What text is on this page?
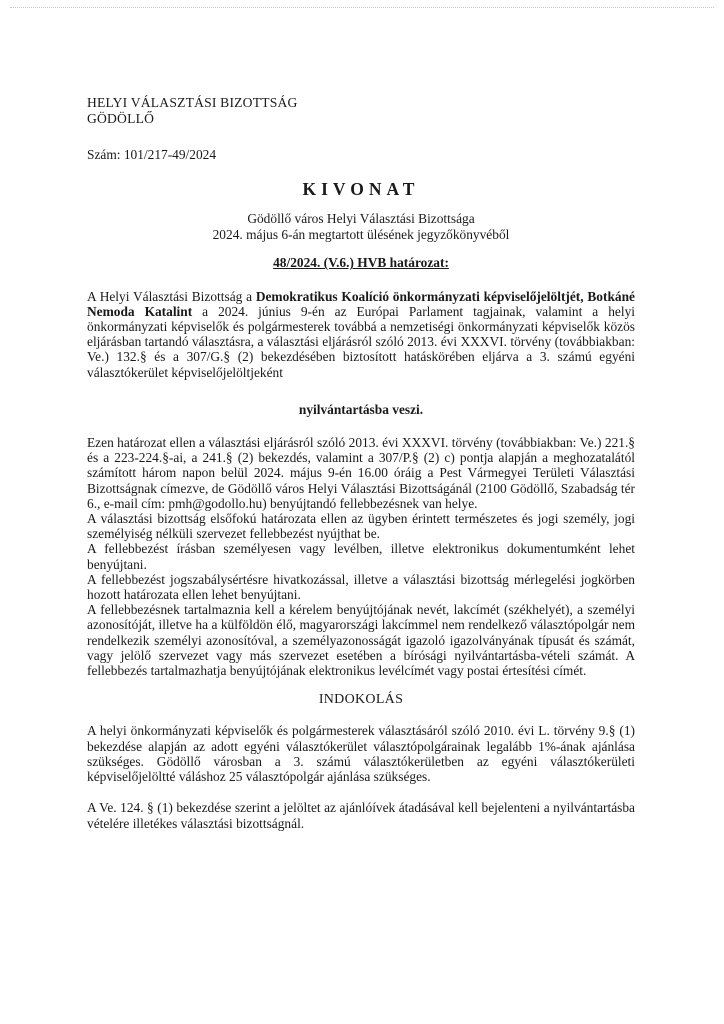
HELYI VÁLASZTÁSI BIZOTTSÁG
GÖDÖLLŐ
Szám: 101/217-49/2024
KIVONAT
Gödöllő város Helyi Választási Bizottsága
2024. május 6-án megtartott ülésének jegyzőkönyvéből
48/2024. (V.6.) HVB határozat:

A Helyi Választási Bizottság a Demokratikus Koalíció önkormányzati képviselőjelöltjét, Botkáné Nemoda Katalint a 2024. június 9-én az Európai Parlament tagjainak, valamint a helyi önkormányzati képviselők és polgármesterek továbbá a nemzetiségi önkormányzati képviselők közös eljárásban tartandó választásra, a választási eljárásról szóló 2013. évi XXXVI. törvény (továbbiakban: Ve.) 132.§ és a 307/G.§ (2) bekezdésében biztosított hatáskörében eljárva a 3. számú egyéni választókerület képviselőjelöltjeként

nyilvántartásba veszi.

Ezen határozat ellen a választási eljárásról szóló 2013. évi XXXVI. törvény (továbbiakban: Ve.) 221.§ és a 223-224.§-ai, a 241.§ (2) bekezdés, valamint a 307/P.§ (2) c) pontja alapján a meghozatalától számított három napon belül 2024. május 9-én 16.00 óráig a Pest Vármegyei Területi Választási Bizottságnak címezve, de Gödöllő város Helyi Választási Bizottságánál (2100 Gödöllő, Szabadság tér 6., e-mail cím: pmh@godollo.hu) benyújtandó fellebbezésnek van helye.

A választási bizottság elsőfokú határozata ellen az ügyben érintett természetes és jogi személy, jogi személyiség nélküli szervezet fellebbezést nyújthat be.

A fellebbezést írásban személyesen vagy levélben, illetve elektronikus dokumentumként lehet benyújtani.

A fellebbezést jogszabálysértésre hivatkozással, illetve a választási bizottság mérlegelési jogkörben hozott határozata ellen lehet benyújtani.

A fellebbezésnek tartalmaznia kell a kérelem benyújtójának nevét, lakcímét (székhelyét), a személyi azonosítóját, illetve ha a külföldön élő, magyarországi lakcímmel nem rendelkező választópolgár nem rendelkezik személyi azonosítóval, a személyazonosságát igazoló igazolványának típusát és számát, vagy jelölő szervezet vagy más szervezet esetében a bírósági nyilvántartásba-vételi számát. A fellebbezés tartalmazhatja benyújtójának elektronikus levélcímét vagy postai értesítési címét.

INDOKOLÁS

A helyi önkormányzati képviselők és polgármesterek választásáról szóló 2010. évi L. törvény 9.§ (1) bekezdése alapján az adott egyéni választókerület választópolgárainak legalább 1%-ának ajánlása szükséges. Gödöllő városban a 3. számú választókerületben az egyéni választókerületi képviselőjelöltté váláshoz 25 választópolgár ajánlása szükséges.

A Ve. 124. § (1) bekezdése szerint a jelöltet az ajánlóívek átadásával kell bejelenteni a nyilvántartásba vételére illetékes választási bizottságnál.
